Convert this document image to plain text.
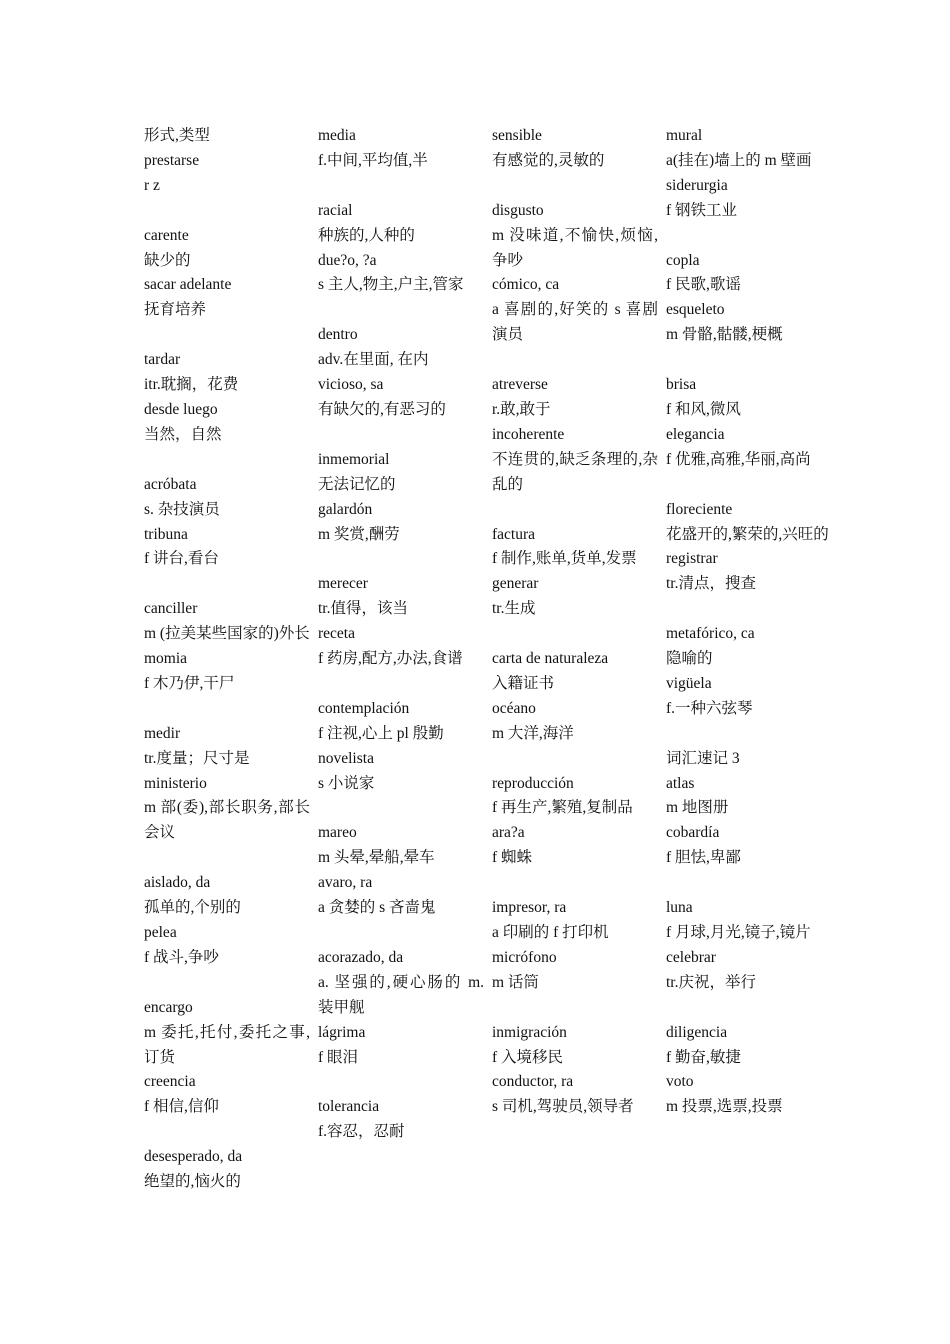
形式,类型
prestarse
r z
carente
缺少的
sacar adelante
抚育培养
tardar
itr.耽搁，花费
desde luego
当然，自然
acróbata
s. 杂技演员
tribuna
f 讲台,看台
canciller
m (拉美某些国家的)外长
momia
f 木乃伊,干尸
medir
tr.度量；尺寸是
ministerio
m 部(委),部长职务,部长会议
aislado, da
孤单的,个别的
pelea
f 战斗,争吵
encargo
m 委托,托付,委托之事,订货
creencia
f 相信,信仰
desesperado, da
绝望的,恼火的
media
f.中间,平均值,半
racial
种族的,人种的
due?o, ?a
s 主人,物主,户主,管家
dentro
adv.在里面, 在内
vicioso, sa
有缺欠的,有恶习的
inmemorial
无法记忆的
galardón
m 奖赏,酬劳
merecer
tr.值得，该当
receta
f 药房,配方,办法,食谱
contemplación
f 注视,心上 pl 殷勤
novelista
s 小说家
mareo
m 头晕,晕船,晕车
avaro, ra
a 贪婪的 s 吝啬鬼
acorazado, da
a. 坚强的,硬心肠的 m. 装甲舰
lágrima
f 眼泪
tolerancia
f.容忍，忍耐
sensible
有感觉的,灵敏的
disgusto
m 没味道,不愉快,烦恼,争吵
cómico, ca
a 喜剧的,好笑的 s 喜剧演员
atreverse
r.敢,敢于
incoherente
不连贯的,缺乏条理的,杂乱的
factura
f 制作,账单,货单,发票
generar
tr.生成
carta de naturaleza
入籍证书
océano
m 大洋,海洋
reproducción
f 再生产,繁殖,复制品
ara?a
f 蜘蛛
impresor, ra
a 印刷的 f 打印机
micrófono
m 话筒
inmigración
f 入境移民
conductor, ra
s 司机,驾驶员,领导者
mural
a(挂在)墙上的 m 壁画
siderurgia
f 钢铁工业
copla
f 民歌,歌谣
esqueleto
m 骨骼,骷髅,梗概
brisa
f 和风,微风
elegancia
f 优雅,高雅,华丽,高尚
floreciente
花盛开的,繁荣的,兴旺的
registrar
tr.清点，搜查
metafórico, ca
隐喻的
vigüela
f.一种六弦琴
词汇速记 3
atlas
m 地图册
cobardía
f 胆怯,卑鄙
luna
f 月球,月光,镜子,镜片
celebrar
tr.庆祝，举行
diligencia
f 勤奋,敏捷
voto
m 投票,选票,投票
